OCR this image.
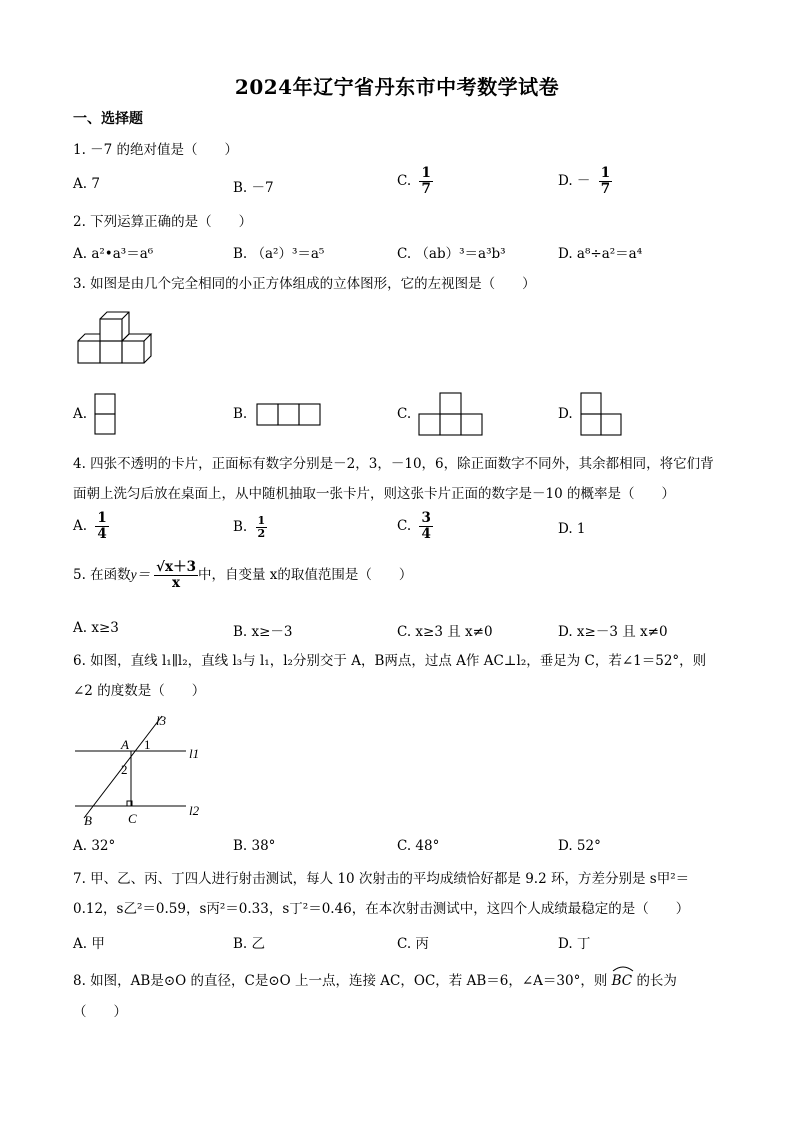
2024年辽宁省丹东市中考数学试卷
一、选择题
1. －7 的绝对值是（　　）
A. 7	B. －7	C. $\frac{1}{7}$	D. － $\frac{1}{7}$
2. 下列运算正确的是（　　）
A. a²•a³＝a⁶	B. （a²）³＝a⁵	C. （ab）³＝a³b³	D. a⁸÷a²＝a⁴
3. 如图是由几个完全相同的小正方体组成的立体图形，它的左视图是（　　）
A.	B.	C.	D.
4. 四张不透明的卡片，正面标有数字分别是－2，3，－10，6，除正面数字不同外，其余都相同，将它们背面朝上洗匀后放在桌面上，从中随机抽取一张卡片，则这张卡片正面的数字是－10 的概率是（　　）
A. $\frac{1}{4}$	B. $\frac{1}{2}$	C. $\frac{3}{4}$	D. 1
5. 在函数$y= \frac{√x+3}{x}$ 中，自变量 x的取值范围是（　　）
A. x≥3	B. x≥－3	C. x≥3 且 x≠0	D. x≥－3 且 x≠0
6. 如图，直线 l₁∥l₂，直线 l₃与 l₁，l₂分别交于 A，B两点，过点 A作 AC⊥l₂，垂足为 C，若∠1＝52°，则∠2 的度数是（　　）
l3
l1
l2
A
B	C
1
2
A. 32°	B. 38°	C. 48°	D. 52°
7. 甲、乙、丙、丁四人进行射击测试，每人 10 次射击的平均成绩恰好都是 9.2 环，方差分别是 s甲²＝0.12，s乙²＝0.59，s丙²＝0.33，s丁²＝0.46，在本次射击测试中，这四个人成绩最稳定的是（　　）
A. 甲	B. 乙	C. 丙	D. 丁
8. 如图，AB是⊙O 的直径，C是⊙O 上一点，连接 AC，OC，若 AB＝6，∠A＝30°，则 BC 的长为
（　　）
